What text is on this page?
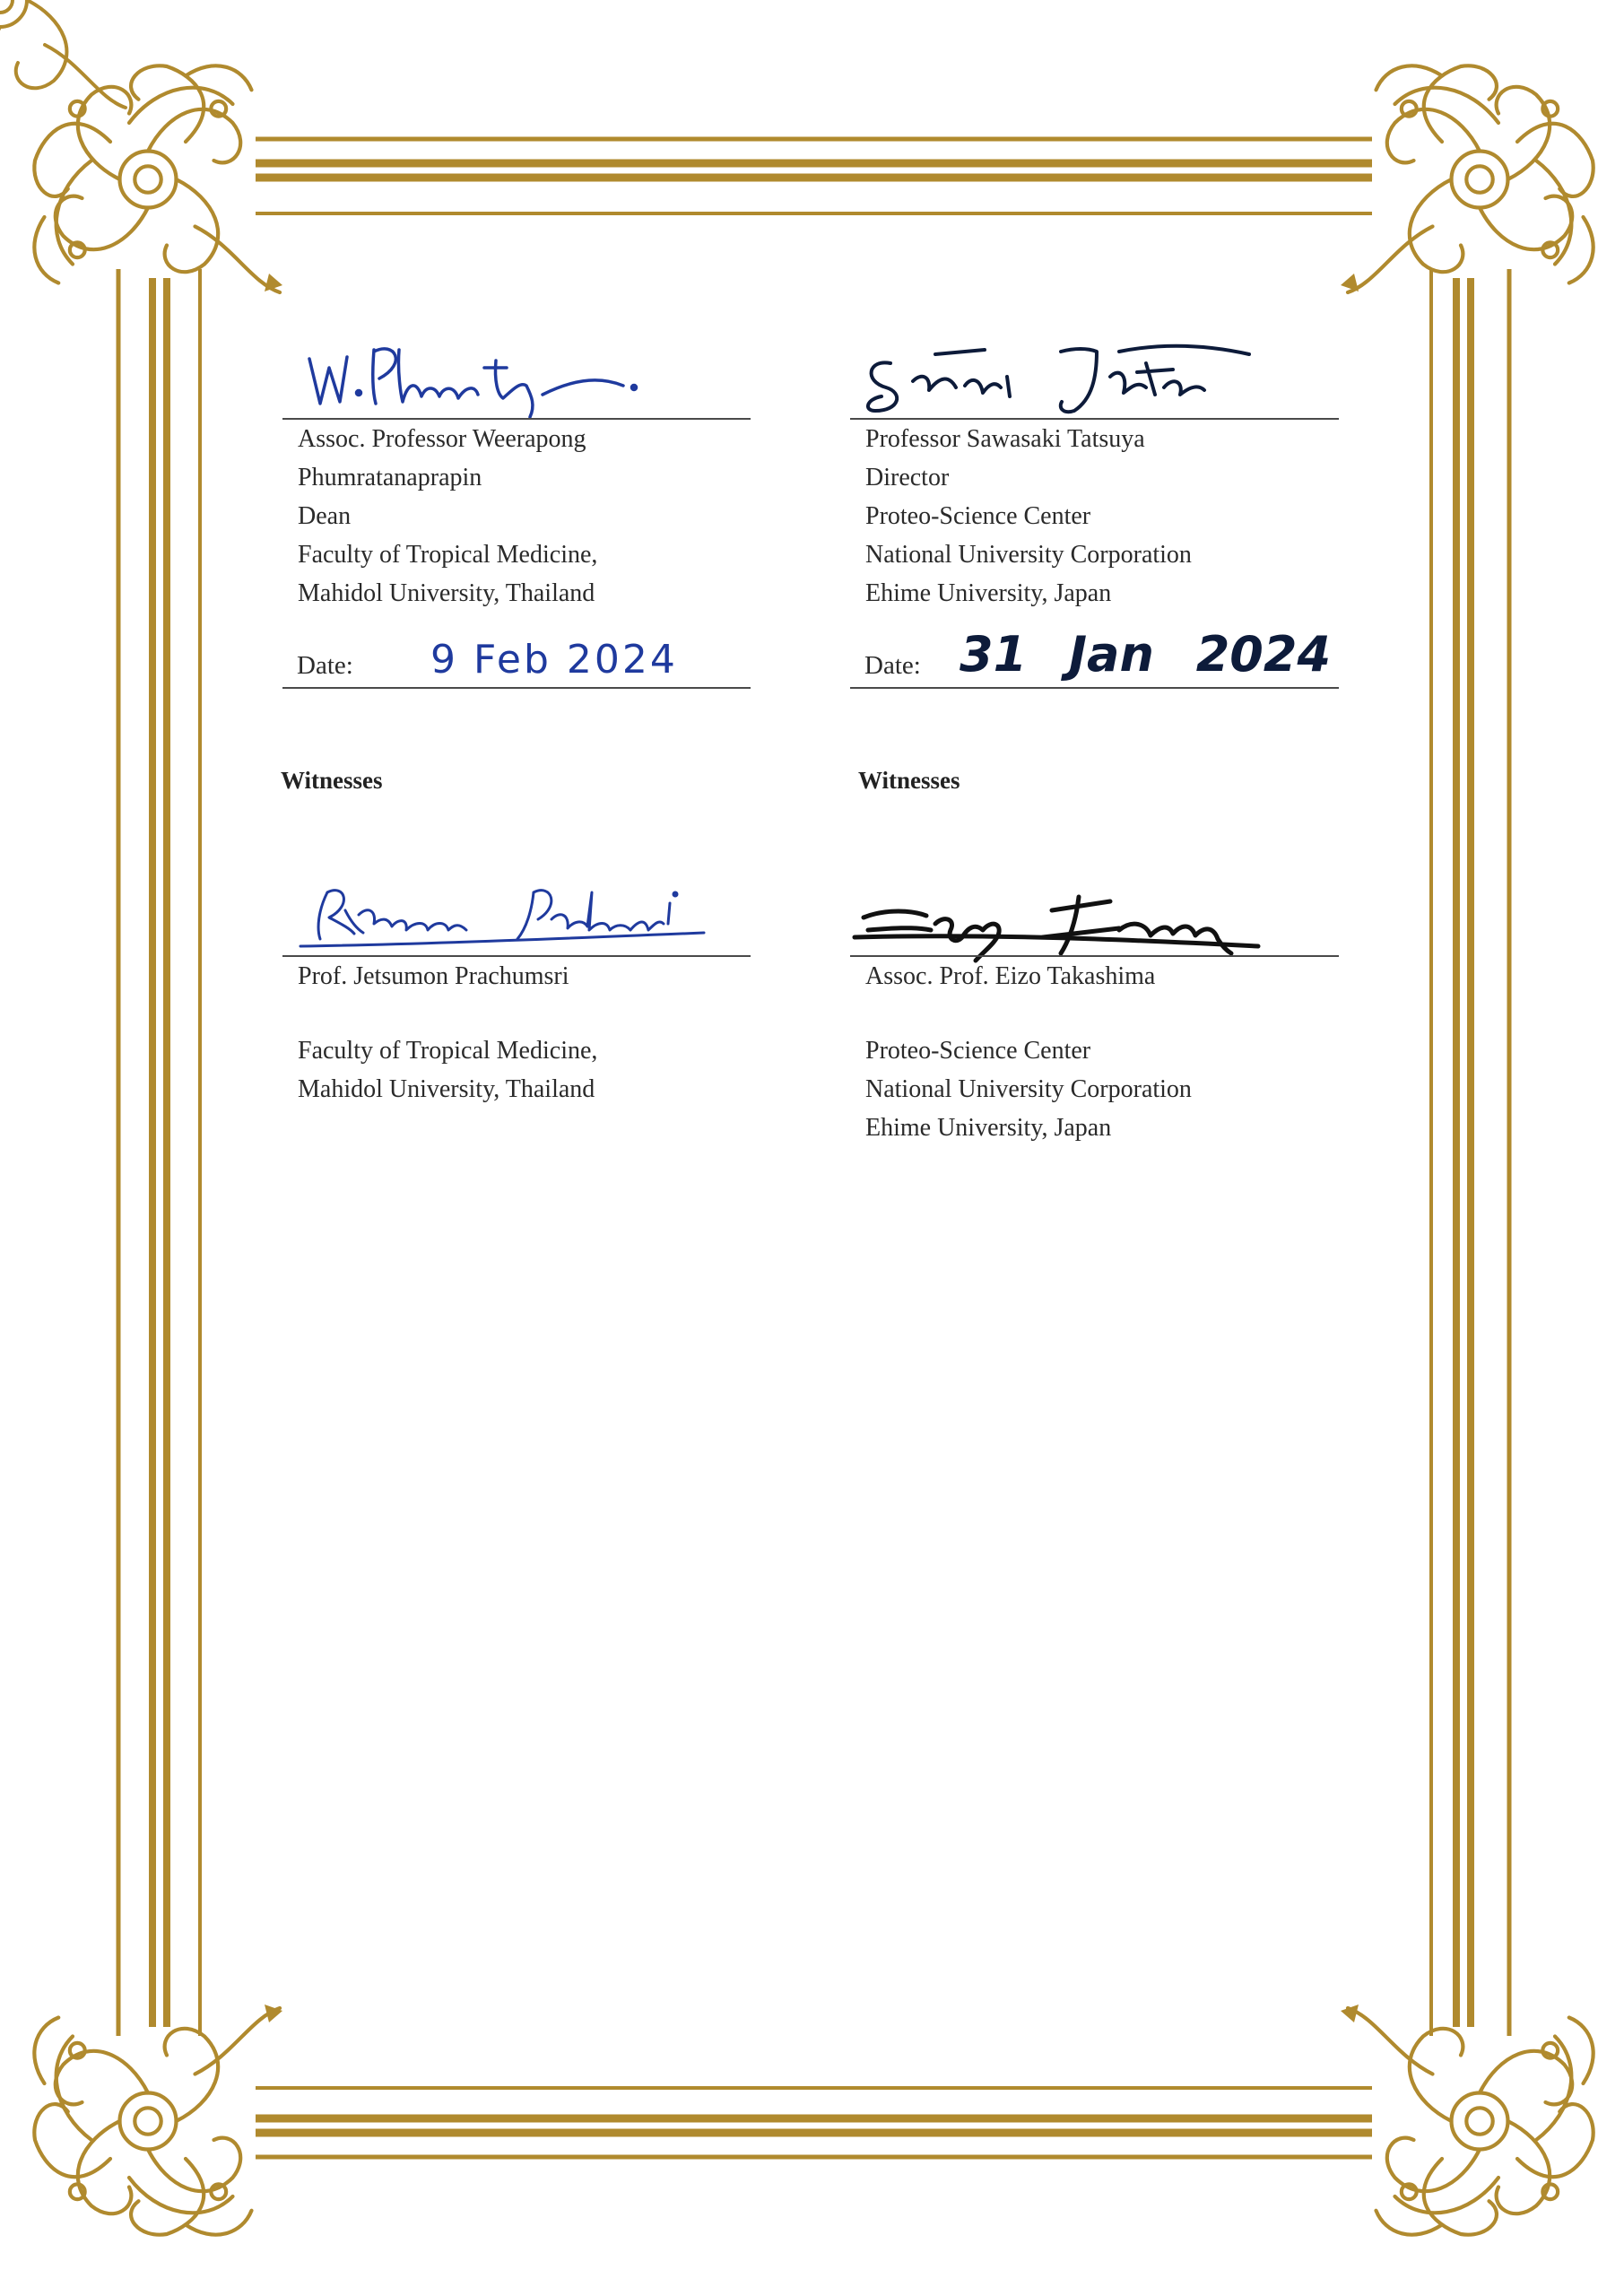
Assoc. Professor Weerapong
Phumratanaprapin
Dean
Faculty of Tropical Medicine,
Mahidol University, Thailand
Date: 9 Feb 2024
Professor Sawasaki Tatsuya
Director
Proteo-Science Center
National University Corporation
Ehime University, Japan
Date: 31 Jan 2024
Witnesses	Witnesses
Prof. Jetsumon Prachumsri
Faculty of Tropical Medicine,
Mahidol University, Thailand
Assoc. Prof. Eizo Takashima
Proteo-Science Center
National University Corporation
Ehime University, Japan
